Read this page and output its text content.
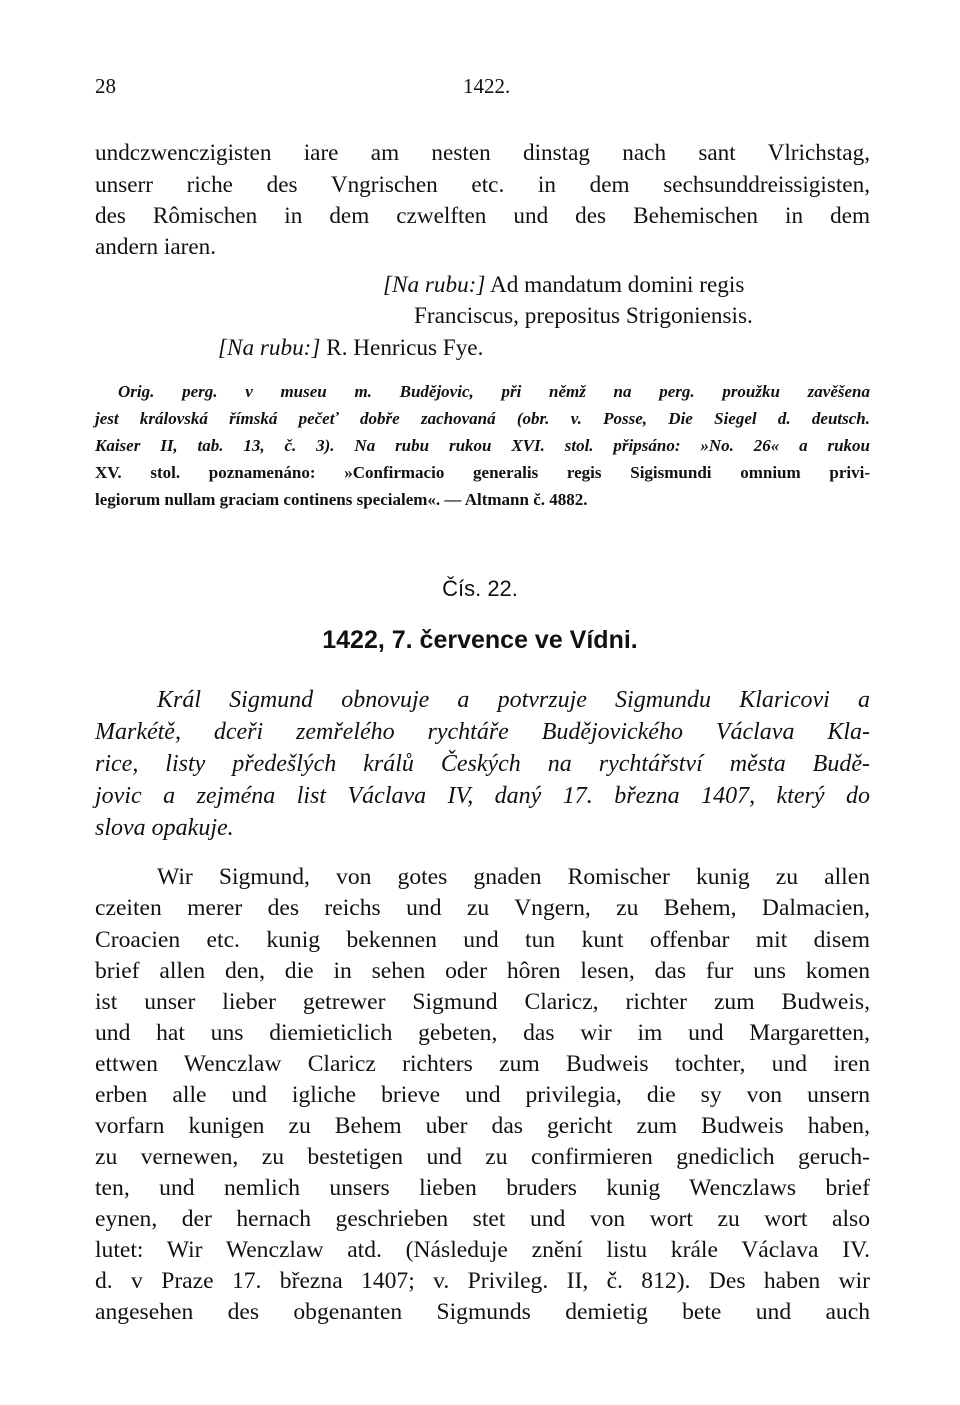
28	1422.
undczwenczigisten iare am nesten dinstag nach sant Vlrichstag,
unserr riche des Vngrischen etc. in dem sechsunddreissigisten,
des Rômischen in dem czwelften und des Behemischen in dem
andern iaren.
[Na rubu:] Ad mandatum domini regis
Franciscus, prepositus Strigoniensis.
[Na rubu:] R. Henricus Fye.
Orig. perg. v museu m. Budějovic, při němž na perg. proužku zavěšena
jest královská římská pečeť dobře zachovaná (obr. v. Posse, Die Siegel d. deutsch.
Kaiser II, tab. 13, č. 3). Na rubu rukou XVI. stol. připsáno: »No. 26« a rukou
XV. stol. poznamenáno: »Confirmacio generalis regis Sigismundi omnium privi-
legiorum nullam graciam continens specialem«. — Altmann č. 4882.
Čís. 22.
1422, 7. července ve Vídni.
Král Sigmund obnovuje a potvrzuje Sigmundu Klaricovi a
Markétě, dceři zemřelého rychtáře Budějovického Václava Kla-
rice, listy předešlých králů Českých na rychtářství města Budě-
jovic a zejména list Václava IV, daný 17. března 1407, který do
slova opakuje.
Wir Sigmund, von gotes gnaden Romischer kunig zu allen
czeiten merer des reichs und zu Vngern, zu Behem, Dalmacien,
Croacien etc. kunig bekennen und tun kunt offenbar mit disem
brief allen den, die in sehen oder hôren lesen, das fur uns komen
ist unser lieber getrewer Sigmund Claricz, richter zum Budweis,
und hat uns diemieticlich gebeten, das wir im und Margaretten,
ettwen Wenczlaw Claricz richters zum Budweis tochter, und iren
erben alle und igliche brieve und privilegia, die sy von unsern
vorfarn kunigen zu Behem uber das gericht zum Budweis haben,
zu vernewen, zu bestetigen und zu confirmieren gnediclich geruch-
ten, und nemlich unsers lieben bruders kunig Wenczlaws brief
eynen, der hernach geschrieben stet und von wort zu wort also
lutet: Wir Wenczlaw atd. (Následuje znění listu krále Václava IV.
d. v Praze 17. března 1407; v. Privileg. II, č. 812). Des haben wir
angesehen des obgenanten Sigmunds demietig bete und auch
